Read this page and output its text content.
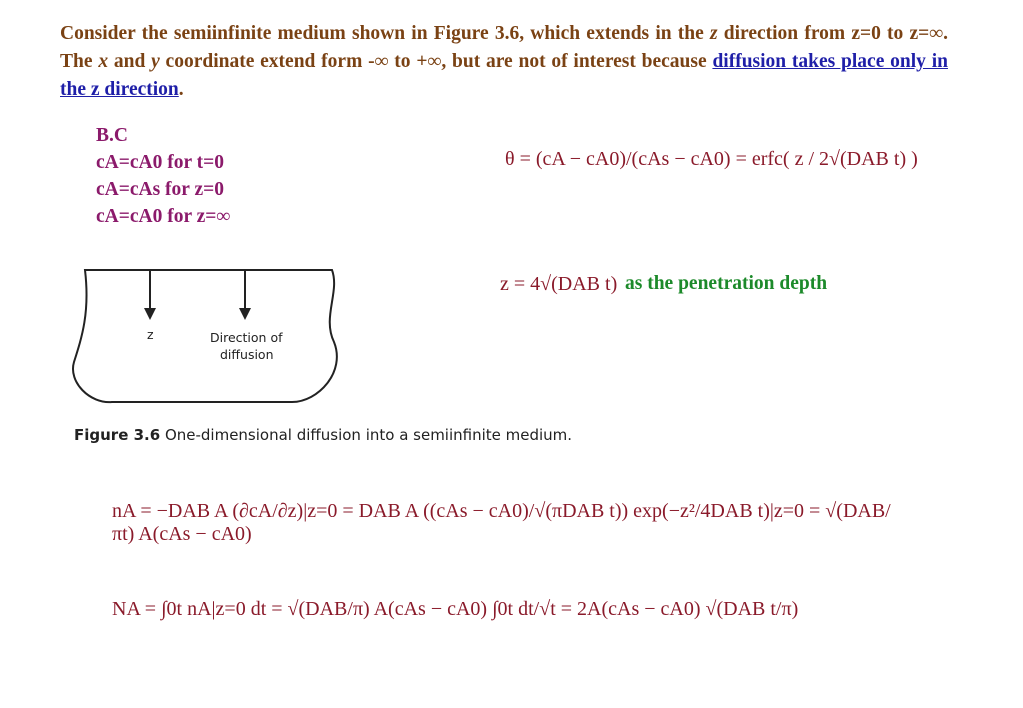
Consider the semiinfinite medium shown in Figure 3.6, which extends in the z direction from z=0 to z=∞. The x and y coordinate extend form -∞ to +∞, but are not of interest because diffusion takes place only in the z direction.
B.C
cA=cA0 for t=0
cA=cAs for z=0
cA=cA0 for z=∞
θ = (cA − cA0)/(cAs − cA0) = erfc( z / 2√(DAB t) )
z = 4√(DAB t) as the penetration depth
z	Direction of
diffusion
Figure 3.6 One-dimensional diffusion into a semiinfinite medium.
nA = −DAB A (∂cA/∂z)|z=0 = DAB A ((cAs − cA0)/√(πDAB t)) exp(−z²/4DAB t)|z=0 = √(DAB/πt) A(cAs − cA0)
NA = ∫0t nA|z=0 dt = √(DAB/π) A(cAs − cA0) ∫0t dt/√t = 2A(cAs − cA0) √(DAB t/π)
